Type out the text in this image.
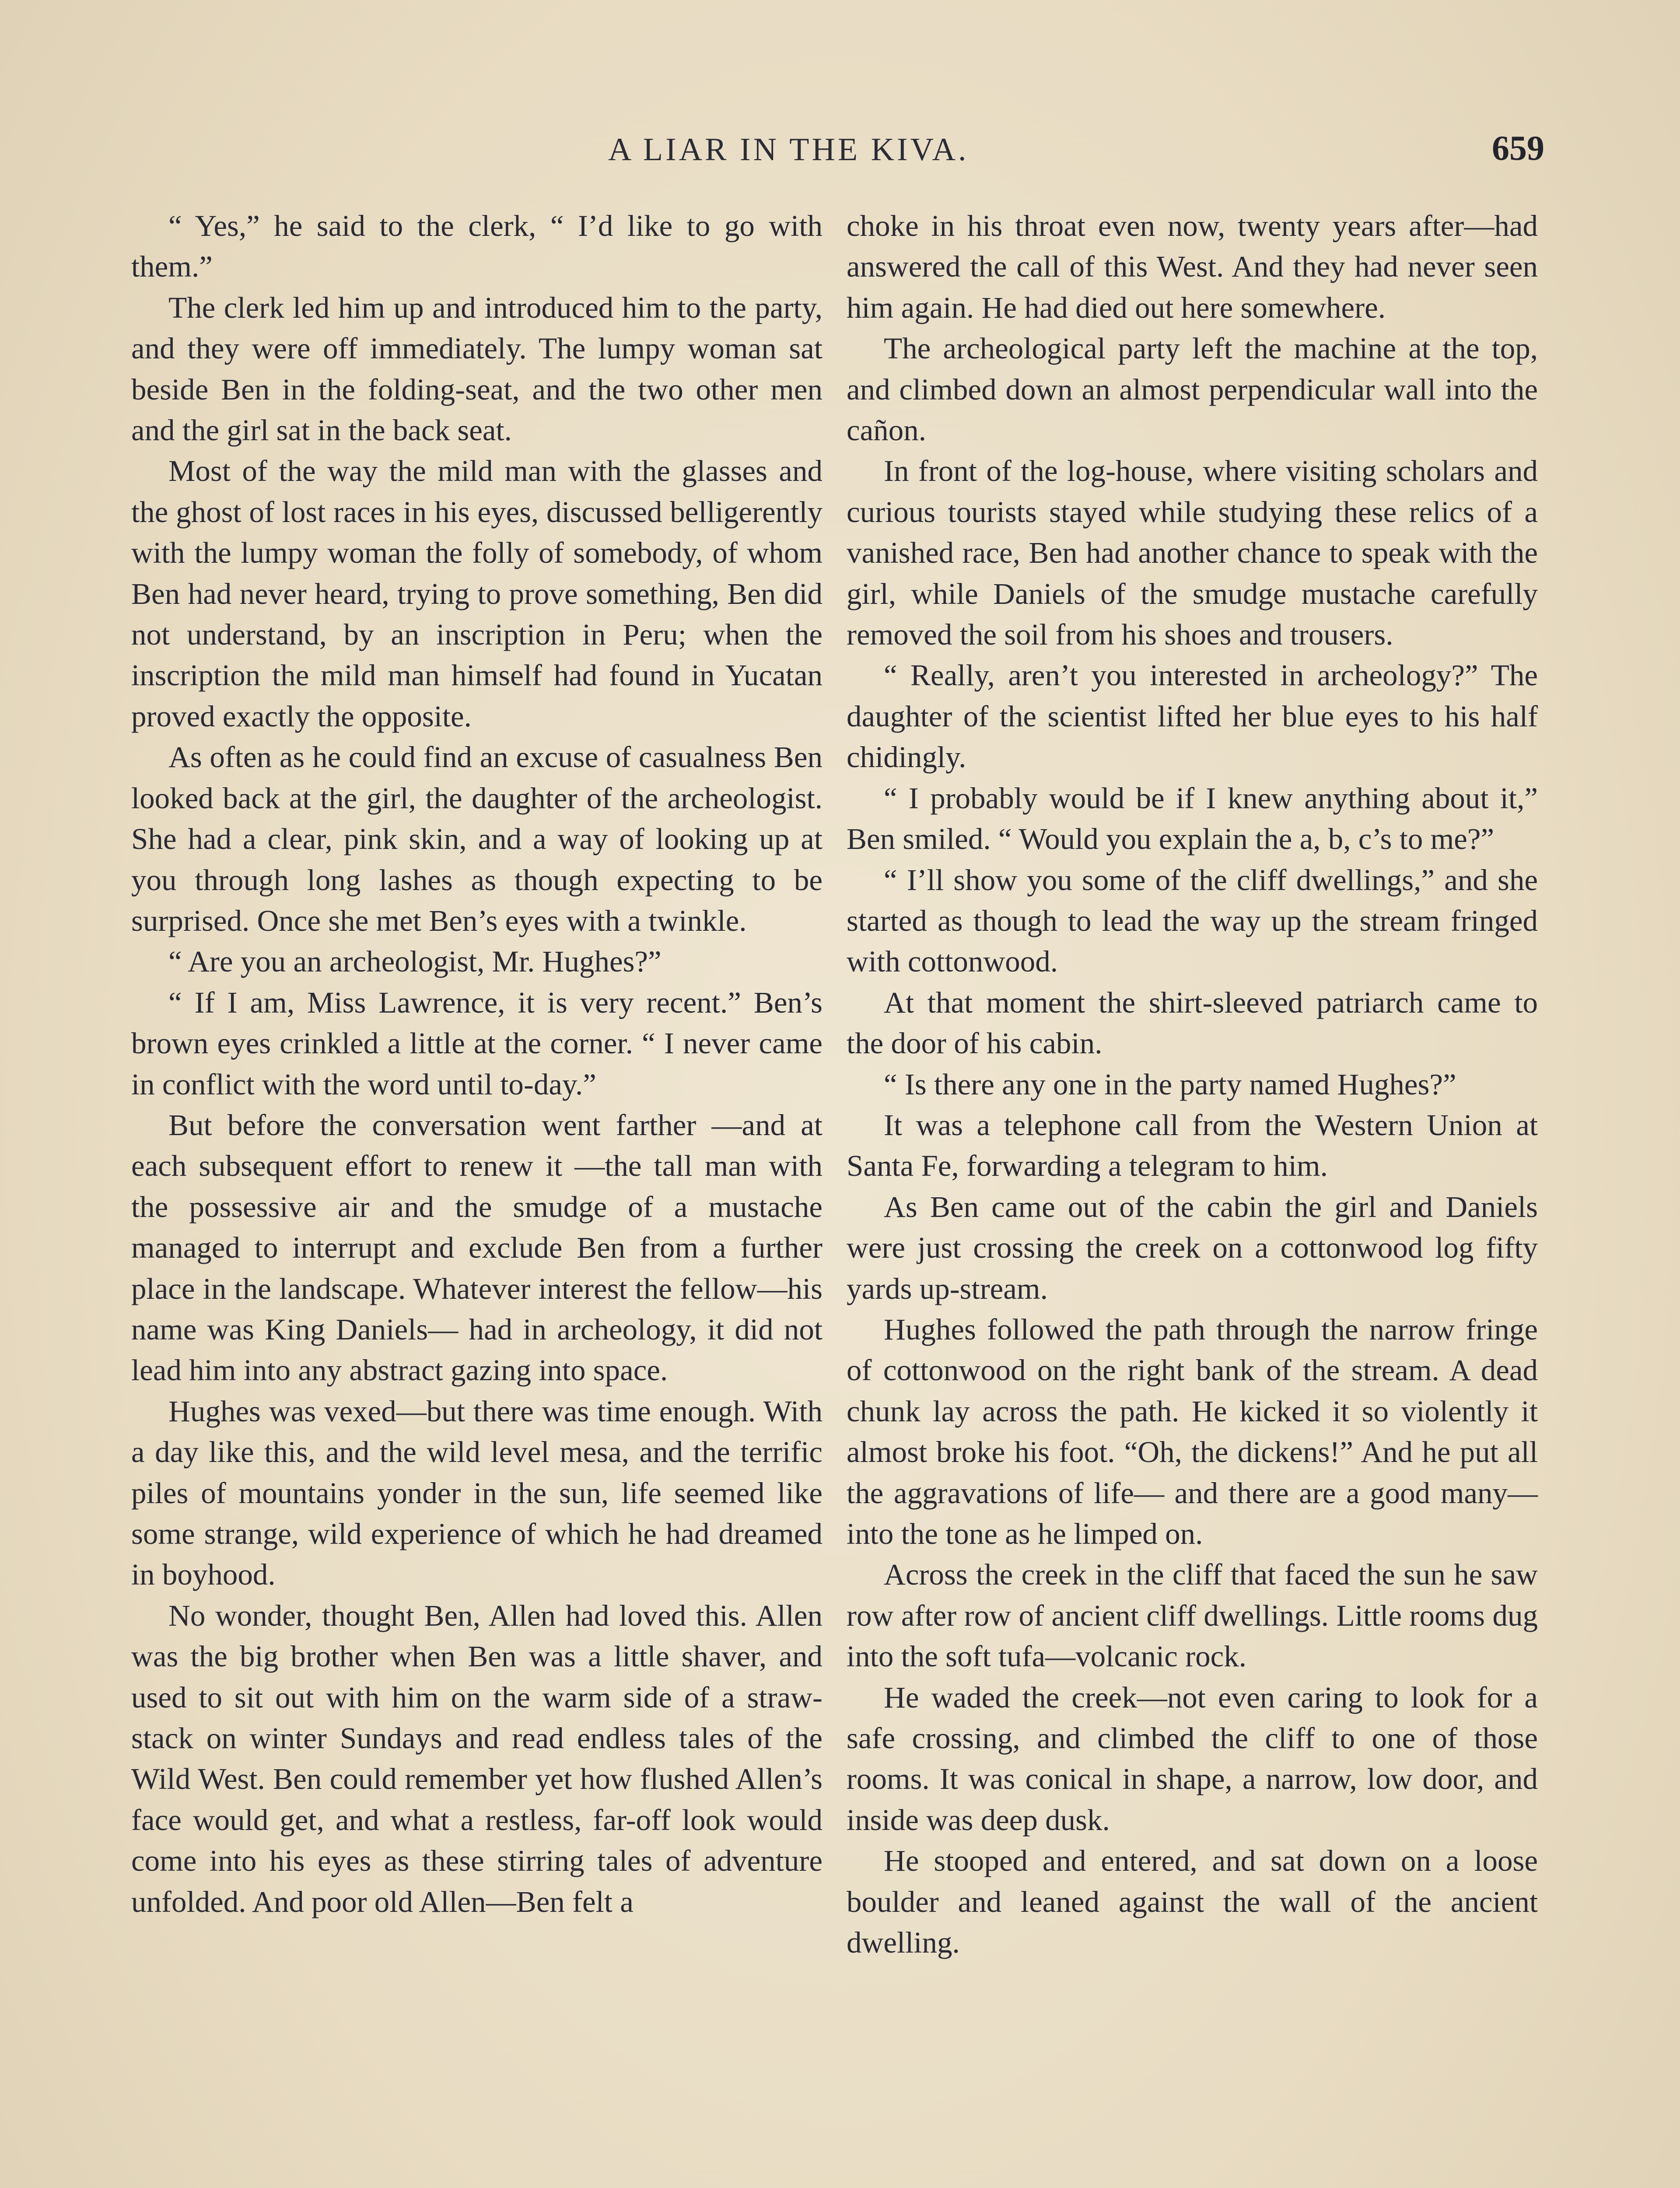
A LIAR IN THE KIVA.	659

“ Yes,” he said to the clerk, “ I’d like to go with them.”

The clerk led him up and introduced him to the party, and they were off immediately. The lumpy woman sat beside Ben in the folding-seat, and the two other men and the girl sat in the back seat.

Most of the way the mild man with the glasses and the ghost of lost races in his eyes, discussed belligerently with the lumpy woman the folly of somebody, of whom Ben had never heard, trying to prove something, Ben did not understand, by an inscription in Peru; when the inscription the mild man himself had found in Yucatan proved exactly the opposite.

As often as he could find an excuse of casualness Ben looked back at the girl, the daughter of the archeologist. She had a clear, pink skin, and a way of looking up at you through long lashes as though expecting to be surprised. Once she met Ben’s eyes with a twinkle.

“ Are you an archeologist, Mr. Hughes?”

“ If I am, Miss Lawrence, it is very recent.” Ben’s brown eyes crinkled a little at the corner. “ I never came in conflict with the word until to-day.”

But before the conversation went farther —and at each subsequent effort to renew it —the tall man with the possessive air and the smudge of a mustache managed to interrupt and exclude Ben from a further place in the landscape. Whatever interest the fellow—his name was King Daniels— had in archeology, it did not lead him into any abstract gazing into space.

Hughes was vexed—but there was time enough. With a day like this, and the wild level mesa, and the terrific piles of mountains yonder in the sun, life seemed like some strange, wild experience of which he had dreamed in boyhood.

No wonder, thought Ben, Allen had loved this. Allen was the big brother when Ben was a little shaver, and used to sit out with him on the warm side of a straw-stack on winter Sundays and read endless tales of the Wild West. Ben could remember yet how flushed Allen’s face would get, and what a restless, far-off look would come into his eyes as these stirring tales of adventure unfolded. And poor old Allen—Ben felt a

choke in his throat even now, twenty years after—had answered the call of this West. And they had never seen him again. He had died out here somewhere.

The archeological party left the machine at the top, and climbed down an almost perpendicular wall into the cañon.

In front of the log-house, where visiting scholars and curious tourists stayed while studying these relics of a vanished race, Ben had another chance to speak with the girl, while Daniels of the smudge mustache carefully removed the soil from his shoes and trousers.

“ Really, aren’t you interested in archeology?” The daughter of the scientist lifted her blue eyes to his half chidingly.

“ I probably would be if I knew anything about it,” Ben smiled. “ Would you explain the a, b, c’s to me?”

“ I’ll show you some of the cliff dwellings,” and she started as though to lead the way up the stream fringed with cottonwood.

At that moment the shirt-sleeved patriarch came to the door of his cabin.

“ Is there any one in the party named Hughes?”

It was a telephone call from the Western Union at Santa Fe, forwarding a telegram to him.

As Ben came out of the cabin the girl and Daniels were just crossing the creek on a cottonwood log fifty yards up-stream.

Hughes followed the path through the narrow fringe of cottonwood on the right bank of the stream. A dead chunk lay across the path. He kicked it so violently it almost broke his foot. “Oh, the dickens!” And he put all the aggravations of life— and there are a good many—into the tone as he limped on.

Across the creek in the cliff that faced the sun he saw row after row of ancient cliff dwellings. Little rooms dug into the soft tufa—volcanic rock.

He waded the creek—not even caring to look for a safe crossing, and climbed the cliff to one of those rooms. It was conical in shape, a narrow, low door, and inside was deep dusk.

He stooped and entered, and sat down on a loose boulder and leaned against the wall of the ancient dwelling.
